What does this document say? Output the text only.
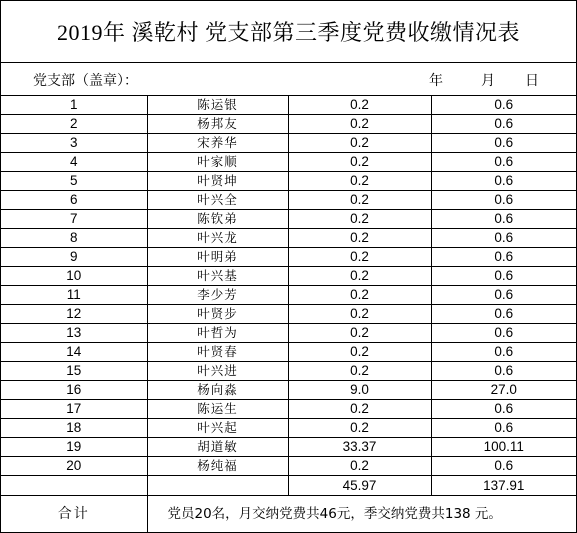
2019年 溪乾村 党支部第三季度党费收缴情况表
党支部（盖章）：	年	月 日
1	陈运银	0.2	0.6
2	杨邦友	0.2	0.6
3	宋养华	0.2	0.6
4	叶家顺	0.2	0.6
5	叶贤坤	0.2	0.6
6	叶兴全	0.2	0.6
7	陈钦弟	0.2	0.6
8	叶兴龙	0.2	0.6
9	叶明弟	0.2	0.6
10	叶兴基	0.2	0.6
11	李少芳	0.2	0.6
12	叶贤步	0.2	0.6
13	叶哲为	0.2	0.6
14	叶贤春	0.2	0.6
15	叶兴进	0.2	0.6
16	杨向淼	9.0	27.0
17	陈运生	0.2	0.6
18	叶兴起	0.2	0.6
19	胡道敏	33.37	100.11
20	杨纯福	0.2	0.6
		45.97	137.91
合计	党员20名，月交纳党费共46元，季交纳党费共138 元。		
